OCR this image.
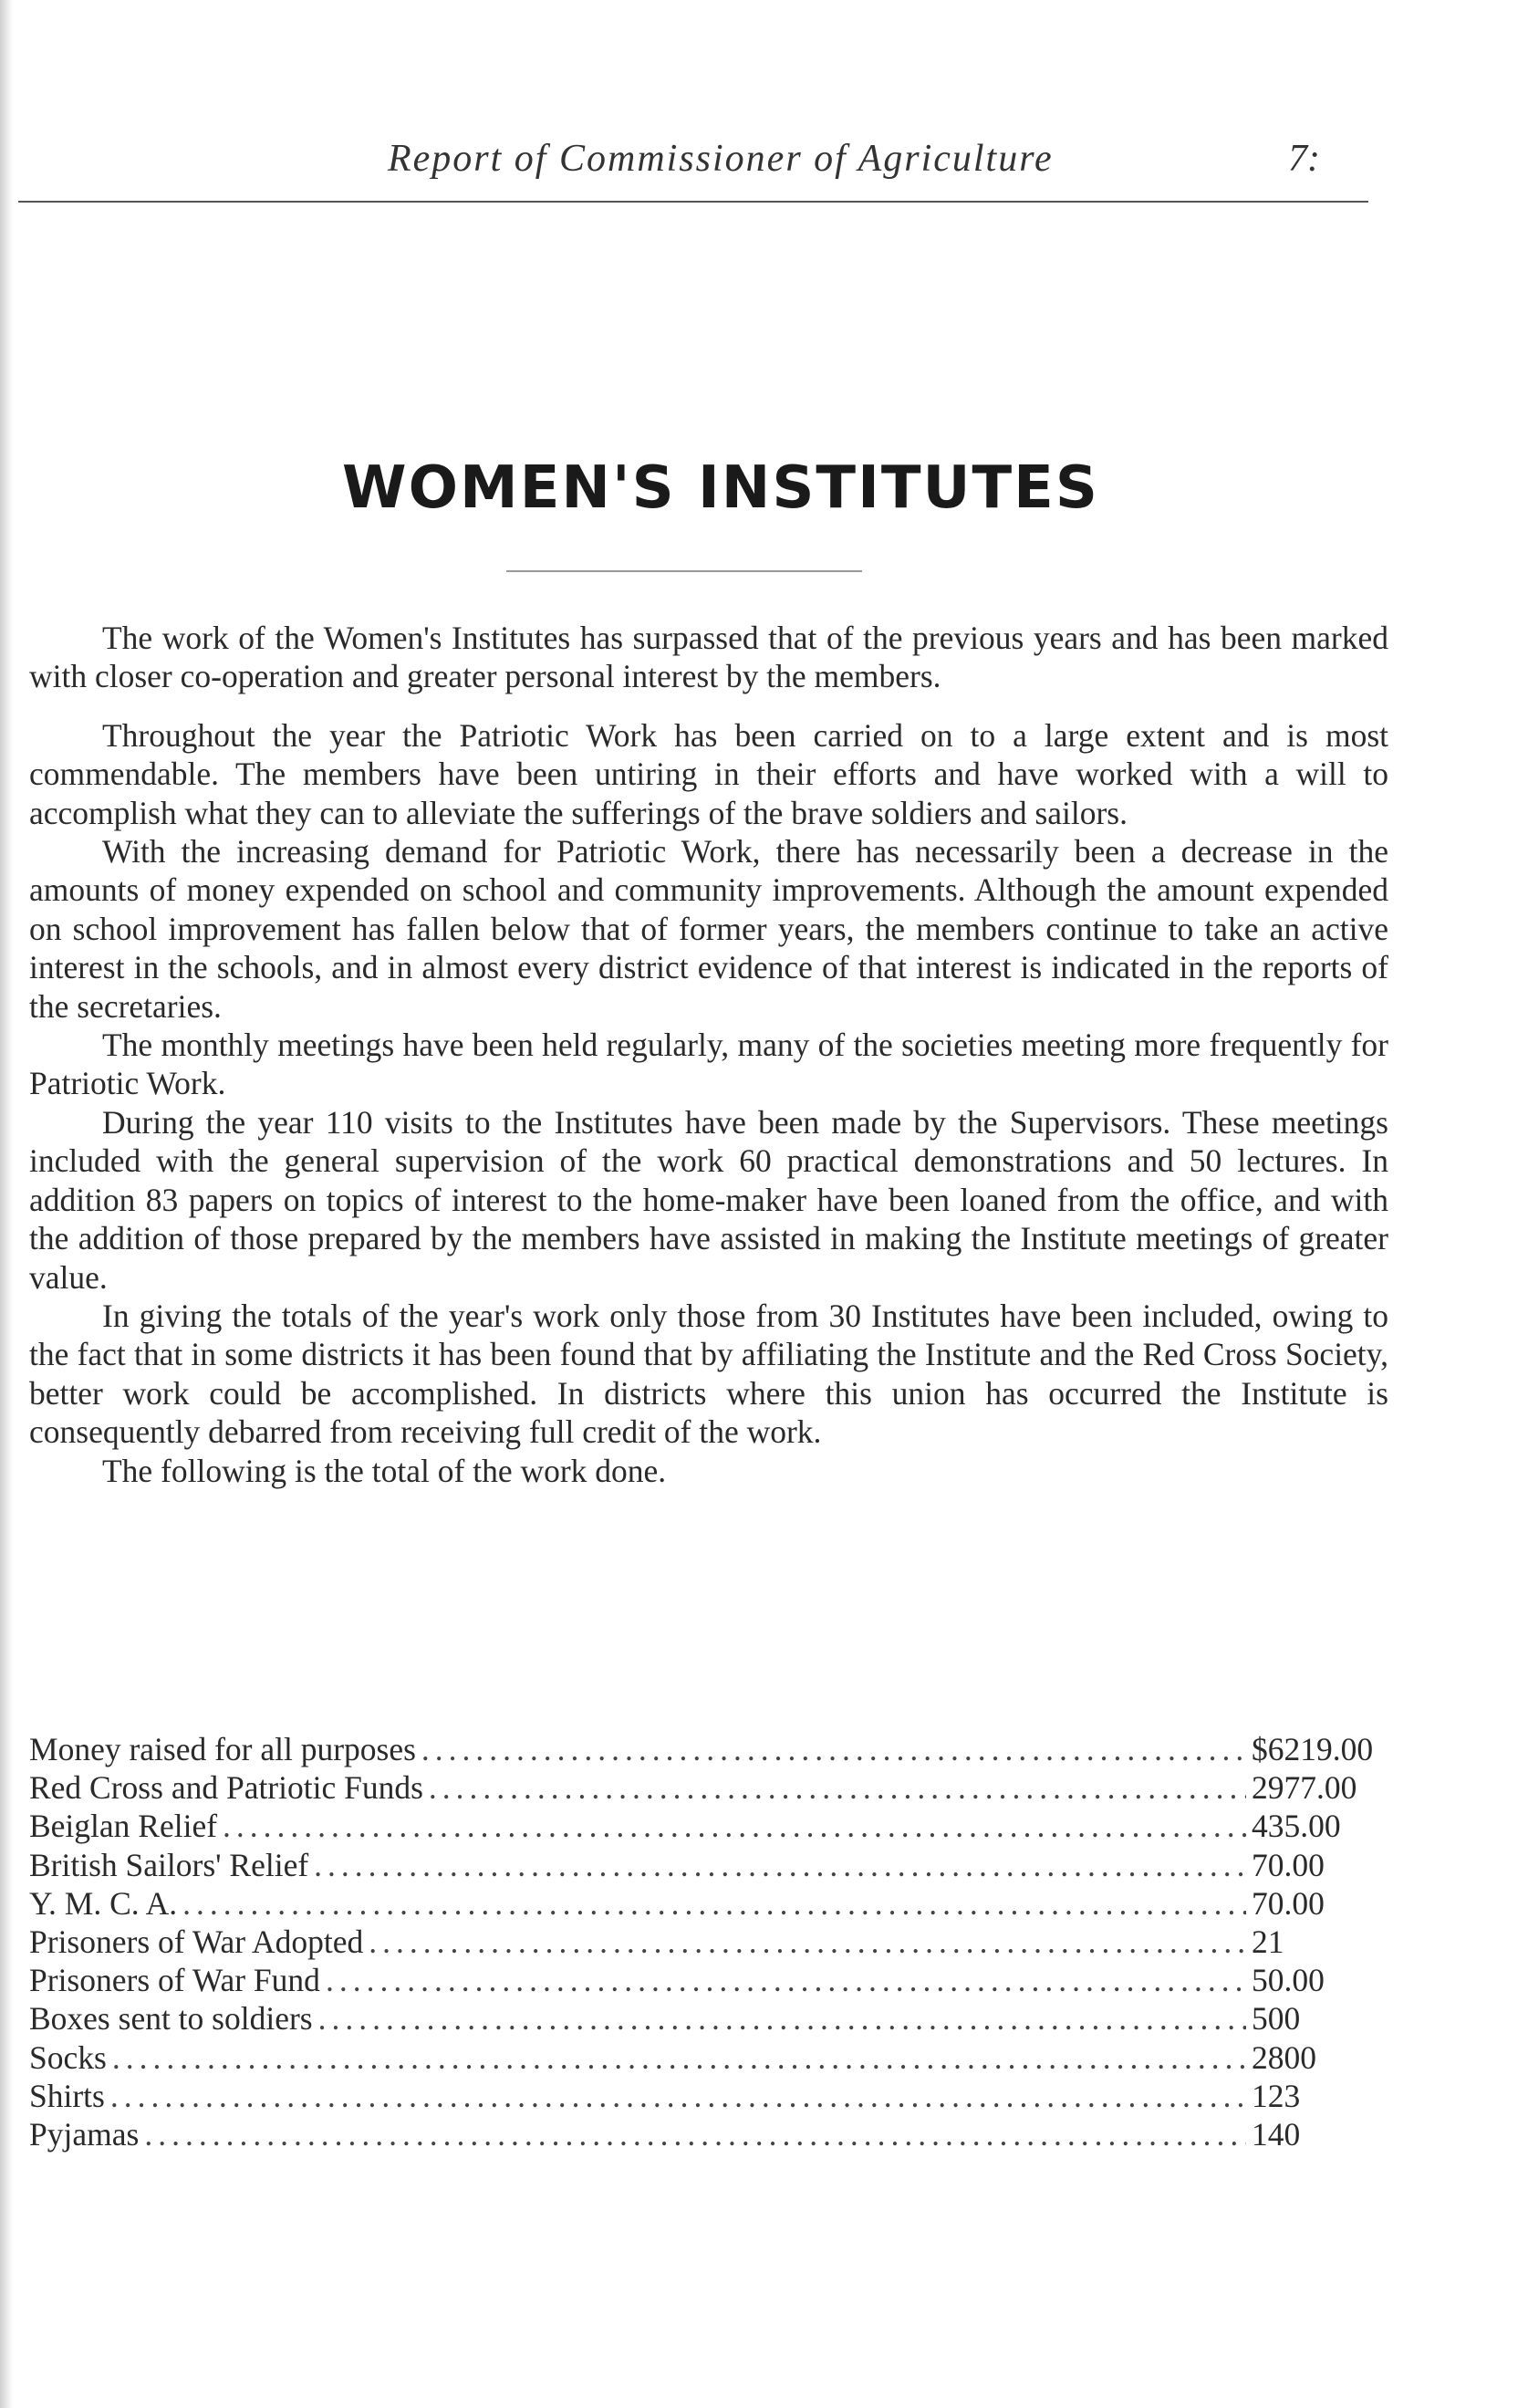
Report of Commissioner of Agriculture	7:
WOMEN'S INSTITUTES

The work of the Women's Institutes has surpassed that of the previous years and has been marked with closer co-operation and greater personal interest by the members.

Throughout the year the Patriotic Work has been carried on to a large extent and is most commendable. The members have been untiring in their efforts and have worked with a will to accomplish what they can to alleviate the sufferings of the brave soldiers and sailors.

With the increasing demand for Patriotic Work, there has necessarily been a decrease in the amounts of money expended on school and community improvements. Although the amount expended on school improvement has fallen below that of former years, the members continue to take an active interest in the schools, and in almost every district evidence of that interest is indicated in the reports of the secretaries.

The monthly meetings have been held regularly, many of the societies meeting more frequently for Patriotic Work.

During the year 110 visits to the Institutes have been made by the Supervisors. These meetings included with the general supervision of the work 60 practical demonstrations and 50 lectures. In addition 83 papers on topics of interest to the home-maker have been loaned from the office, and with the addition of those prepared by the members have assisted in making the Institute meetings of greater value.

In giving the totals of the year's work only those from 30 Institutes have been included, owing to the fact that in some districts it has been found that by affiliating the Institute and the Red Cross Society, better work could be accomplished. In districts where this union has occurred the Institute is consequently debarred from receiving full credit of the work.

The following is the total of the work done.

Money raised for all purposes .....	$6219.00
Red Cross and Patriotic Funds .....	2977.00
Beiglan Relief .....	435.00
British Sailors' Relief .....	70.00
Y. M. C. A. .....	70.00
Prisoners of War Adopted .....	21
Prisoners of War Fund .....	50.00
Boxes sent to soldiers .....	500
Socks .....	2800
Shirts .....	123
Pyjamas .....	140
